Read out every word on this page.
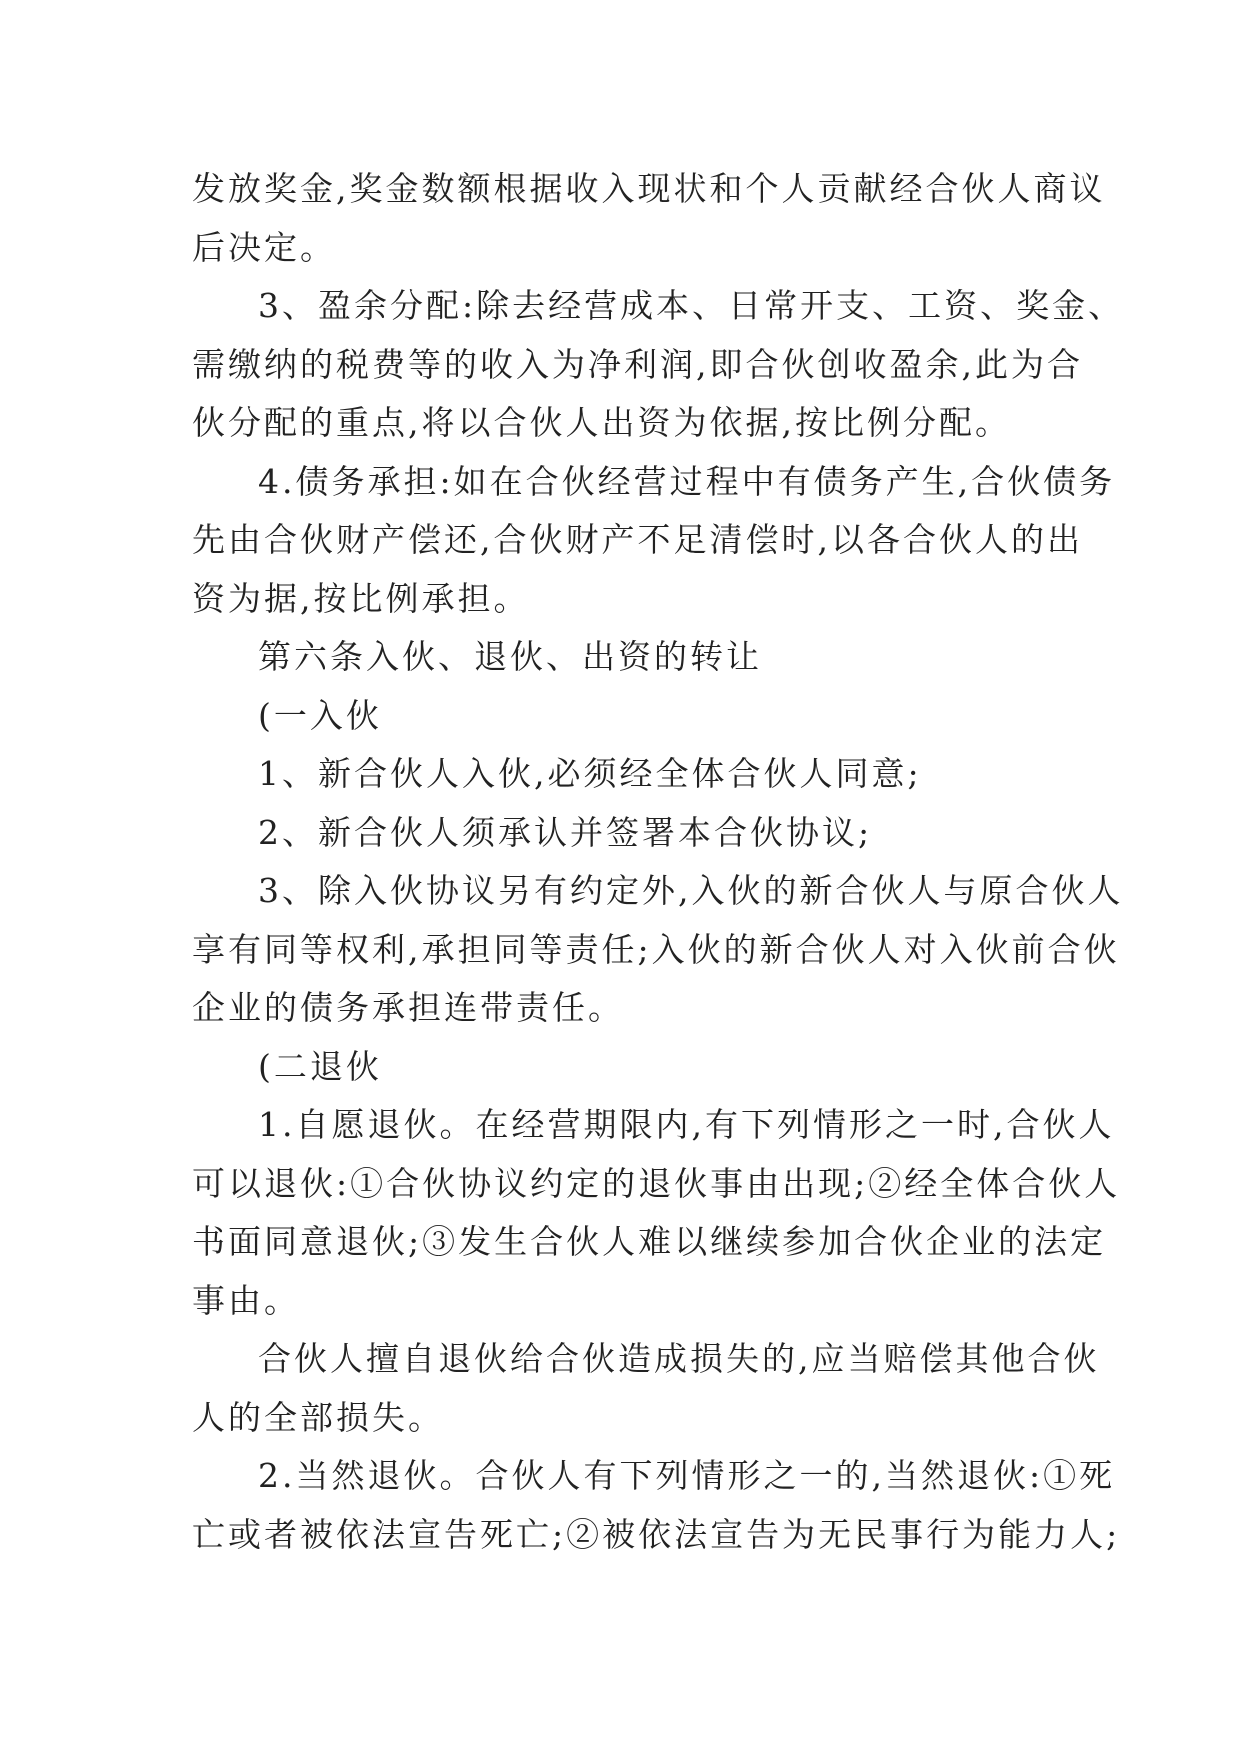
发放奖金,奖金数额根据收入现状和个人贡献经合伙人商议
后决定。
3、盈余分配:除去经营成本、日常开支、工资、奖金、
需缴纳的税费等的收入为净利润,即合伙创收盈余,此为合
伙分配的重点,将以合伙人出资为依据,按比例分配。
4.债务承担:如在合伙经营过程中有债务产生,合伙债务
先由合伙财产偿还,合伙财产不足清偿时,以各合伙人的出
资为据,按比例承担。
第六条入伙、退伙、出资的转让
(一入伙
1、新合伙人入伙,必须经全体合伙人同意;
2、新合伙人须承认并签署本合伙协议;
3、除入伙协议另有约定外,入伙的新合伙人与原合伙人
享有同等权利,承担同等责任;入伙的新合伙人对入伙前合伙
企业的债务承担连带责任。
(二退伙
1.自愿退伙。在经营期限内,有下列情形之一时,合伙人
可以退伙:①合伙协议约定的退伙事由出现;②经全体合伙人
书面同意退伙;③发生合伙人难以继续参加合伙企业的法定
事由。
合伙人擅自退伙给合伙造成损失的,应当赔偿其他合伙
人的全部损失。
2.当然退伙。合伙人有下列情形之一的,当然退伙:①死
亡或者被依法宣告死亡;②被依法宣告为无民事行为能力人;
